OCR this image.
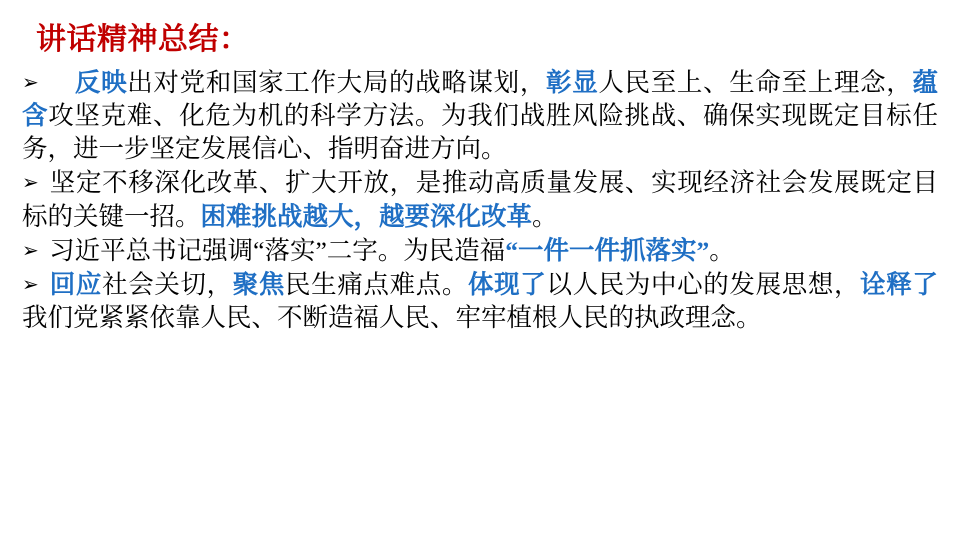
讲话精神总结：

➢ 反映出对党和国家工作大局的战略谋划，彰显人民至上、生命至上理念，蕴含攻坚克难、化危为机的科学方法。为我们战胜风险挑战、确保实现既定目标任务，进一步坚定发展信心、指明奋进方向。

➢ 坚定不移深化改革、扩大开放，是推动高质量发展、实现经济社会发展既定目标的关键一招。困难挑战越大，越要深化改革。

➢ 习近平总书记强调“落实”二字。为民造福“一件一件抓落实”。

➢ 回应社会关切，聚焦民生痛点难点。体现了以人民为中心的发展思想，诠释了我们党紧紧依靠人民、不断造福人民、牢牢植根人民的执政理念。
